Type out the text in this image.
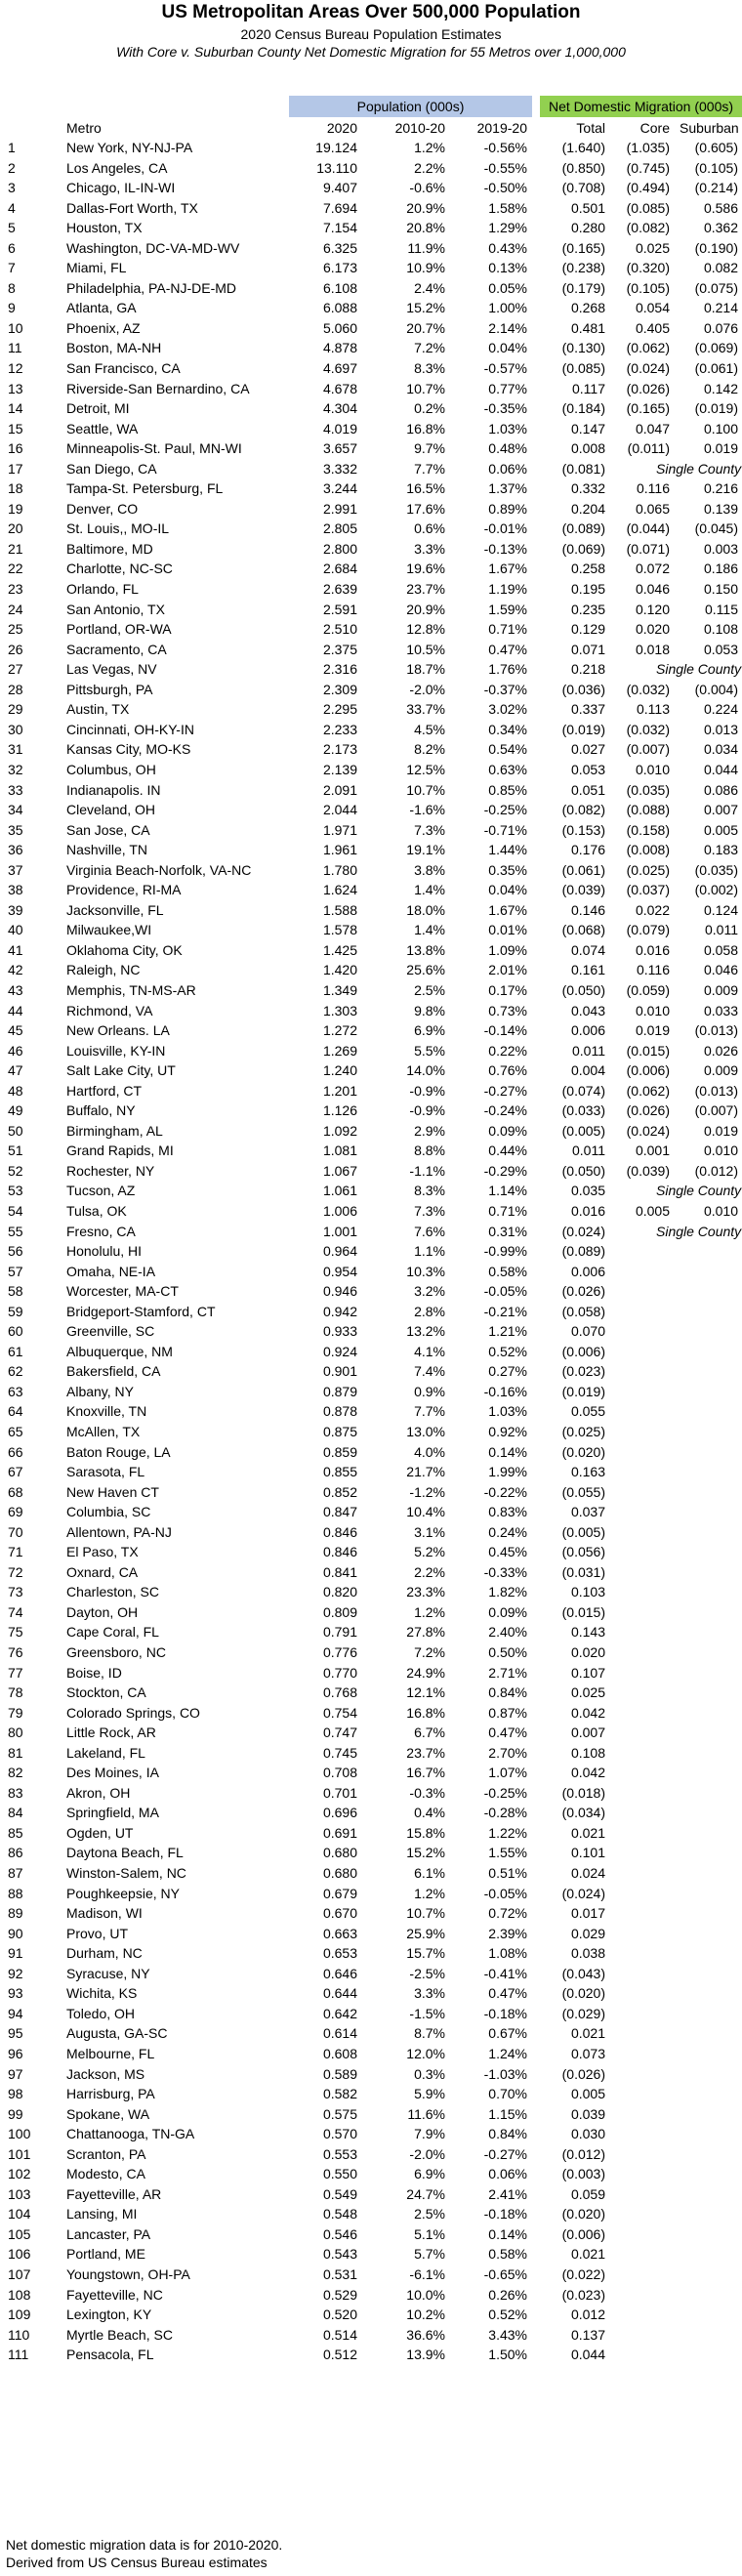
US Metropolitan Areas Over 500,000 Population
2020 Census Bureau Population Estimates
With Core v. Suburban County Net Domestic Migration for 55 Metros over 1,000,000
Population (000s)	Net Domestic Migration (000s)
Metro	2020	2010-20	2019-20	Total	Core Suburban
1	New York, NY-NJ-PA	19.124	1.2%	-0.56%	(1.640)	(1.035)	(0.605)
2	Los Angeles, CA	13.110	2.2%	-0.55%	(0.850)	(0.745)	(0.105)
3	Chicago, IL-IN-WI	9.407	-0.6%	-0.50%	(0.708)	(0.494)	(0.214)
4	Dallas-Fort Worth, TX	7.694	20.9%	1.58%	0.501	(0.085)	0.586
5	Houston, TX	7.154	20.8%	1.29%	0.280	(0.082)	0.362
6	Washington, DC-VA-MD-WV	6.325	11.9%	0.43%	(0.165)	0.025	(0.190)
7	Miami, FL	6.173	10.9%	0.13%	(0.238)	(0.320)	0.082
8	Philadelphia, PA-NJ-DE-MD	6.108	2.4%	0.05%	(0.179)	(0.105)	(0.075)
9	Atlanta, GA	6.088	15.2%	1.00%	0.268	0.054	0.214
10	Phoenix, AZ	5.060	20.7%	2.14%	0.481	0.405	0.076
11	Boston, MA-NH	4.878	7.2%	0.04%	(0.130)	(0.062)	(0.069)
12	San Francisco, CA	4.697	8.3%	-0.57%	(0.085)	(0.024)	(0.061)
13	Riverside-San Bernardino, CA	4.678	10.7%	0.77%	0.117	(0.026)	0.142
14	Detroit, MI	4.304	0.2%	-0.35%	(0.184)	(0.165)	(0.019)
15	Seattle, WA	4.019	16.8%	1.03%	0.147	0.047	0.100
16	Minneapolis-St. Paul, MN-WI	3.657	9.7%	0.48%	0.008	(0.011)	0.019
17	San Diego, CA	3.332	7.7%	0.06%	(0.081)	Single County
18	Tampa-St. Petersburg, FL	3.244	16.5%	1.37%	0.332	0.116	0.216
19	Denver, CO	2.991	17.6%	0.89%	0.204	0.065	0.139
20	St. Louis,, MO-IL	2.805	0.6%	-0.01%	(0.089)	(0.044)	(0.045)
21	Baltimore, MD	2.800	3.3%	-0.13%	(0.069)	(0.071)	0.003
22	Charlotte, NC-SC	2.684	19.6%	1.67%	0.258	0.072	0.186
23	Orlando, FL	2.639	23.7%	1.19%	0.195	0.046	0.150
24	San Antonio, TX	2.591	20.9%	1.59%	0.235	0.120	0.115
25	Portland, OR-WA	2.510	12.8%	0.71%	0.129	0.020	0.108
26	Sacramento, CA	2.375	10.5%	0.47%	0.071	0.018	0.053
27	Las Vegas, NV	2.316	18.7%	1.76%	0.218	Single County
28	Pittsburgh, PA	2.309	-2.0%	-0.37%	(0.036)	(0.032)	(0.004)
29	Austin, TX	2.295	33.7%	3.02%	0.337	0.113	0.224
30	Cincinnati, OH-KY-IN	2.233	4.5%	0.34%	(0.019)	(0.032)	0.013
31	Kansas City, MO-KS	2.173	8.2%	0.54%	0.027	(0.007)	0.034
32	Columbus, OH	2.139	12.5%	0.63%	0.053	0.010	0.044
33	Indianapolis. IN	2.091	10.7%	0.85%	0.051	(0.035)	0.086
34	Cleveland, OH	2.044	-1.6%	-0.25%	(0.082)	(0.088)	0.007
35	San Jose, CA	1.971	7.3%	-0.71%	(0.153)	(0.158)	0.005
36	Nashville, TN	1.961	19.1%	1.44%	0.176	(0.008)	0.183
37	Virginia Beach-Norfolk, VA-NC	1.780	3.8%	0.35%	(0.061)	(0.025)	(0.035)
38	Providence, RI-MA	1.624	1.4%	0.04%	(0.039)	(0.037)	(0.002)
39	Jacksonville, FL	1.588	18.0%	1.67%	0.146	0.022	0.124
40	Milwaukee,WI	1.578	1.4%	0.01%	(0.068)	(0.079)	0.011
41	Oklahoma City, OK	1.425	13.8%	1.09%	0.074	0.016	0.058
42	Raleigh, NC	1.420	25.6%	2.01%	0.161	0.116	0.046
43	Memphis, TN-MS-AR	1.349	2.5%	0.17%	(0.050)	(0.059)	0.009
44	Richmond, VA	1.303	9.8%	0.73%	0.043	0.010	0.033
45	New Orleans. LA	1.272	6.9%	-0.14%	0.006	0.019	(0.013)
46	Louisville, KY-IN	1.269	5.5%	0.22%	0.011	(0.015)	0.026
47	Salt Lake City, UT	1.240	14.0%	0.76%	0.004	(0.006)	0.009
48	Hartford, CT	1.201	-0.9%	-0.27%	(0.074)	(0.062)	(0.013)
49	Buffalo, NY	1.126	-0.9%	-0.24%	(0.033)	(0.026)	(0.007)
50	Birmingham, AL	1.092	2.9%	0.09%	(0.005)	(0.024)	0.019
51	Grand Rapids, MI	1.081	8.8%	0.44%	0.011	0.001	0.010
52	Rochester, NY	1.067	-1.1%	-0.29%	(0.050)	(0.039)	(0.012)
53	Tucson, AZ	1.061	8.3%	1.14%	0.035	Single County
54	Tulsa, OK	1.006	7.3%	0.71%	0.016	0.005	0.010
55	Fresno, CA	1.001	7.6%	0.31%	(0.024)	Single County
56	Honolulu, HI	0.964	1.1%	-0.99%	(0.089)
57	Omaha, NE-IA	0.954	10.3%	0.58%	0.006
58	Worcester, MA-CT	0.946	3.2%	-0.05%	(0.026)
59	Bridgeport-Stamford, CT	0.942	2.8%	-0.21%	(0.058)
60	Greenville, SC	0.933	13.2%	1.21%	0.070
61	Albuquerque, NM	0.924	4.1%	0.52%	(0.006)
62	Bakersfield, CA	0.901	7.4%	0.27%	(0.023)
63	Albany, NY	0.879	0.9%	-0.16%	(0.019)
64	Knoxville, TN	0.878	7.7%	1.03%	0.055
65	McAllen, TX	0.875	13.0%	0.92%	(0.025)
66	Baton Rouge, LA	0.859	4.0%	0.14%	(0.020)
67	Sarasota, FL	0.855	21.7%	1.99%	0.163
68	New Haven CT	0.852	-1.2%	-0.22%	(0.055)
69	Columbia, SC	0.847	10.4%	0.83%	0.037
70	Allentown, PA-NJ	0.846	3.1%	0.24%	(0.005)
71	El Paso, TX	0.846	5.2%	0.45%	(0.056)
72	Oxnard, CA	0.841	2.2%	-0.33%	(0.031)
73	Charleston, SC	0.820	23.3%	1.82%	0.103
74	Dayton, OH	0.809	1.2%	0.09%	(0.015)
75	Cape Coral, FL	0.791	27.8%	2.40%	0.143
76	Greensboro, NC	0.776	7.2%	0.50%	0.020
77	Boise, ID	0.770	24.9%	2.71%	0.107
78	Stockton, CA	0.768	12.1%	0.84%	0.025
79	Colorado Springs, CO	0.754	16.8%	0.87%	0.042
80	Little Rock, AR	0.747	6.7%	0.47%	0.007
81	Lakeland, FL	0.745	23.7%	2.70%	0.108
82	Des Moines, IA	0.708	16.7%	1.07%	0.042
83	Akron, OH	0.701	-0.3%	-0.25%	(0.018)
84	Springfield, MA	0.696	0.4%	-0.28%	(0.034)
85	Ogden, UT	0.691	15.8%	1.22%	0.021
86	Daytona Beach, FL	0.680	15.2%	1.55%	0.101
87	Winston-Salem, NC	0.680	6.1%	0.51%	0.024
88	Poughkeepsie, NY	0.679	1.2%	-0.05%	(0.024)
89	Madison, WI	0.670	10.7%	0.72%	0.017
90	Provo, UT	0.663	25.9%	2.39%	0.029
91	Durham, NC	0.653	15.7%	1.08%	0.038
92	Syracuse, NY	0.646	-2.5%	-0.41%	(0.043)
93	Wichita, KS	0.644	3.3%	0.47%	(0.020)
94	Toledo, OH	0.642	-1.5%	-0.18%	(0.029)
95	Augusta, GA-SC	0.614	8.7%	0.67%	0.021
96	Melbourne, FL	0.608	12.0%	1.24%	0.073
97	Jackson, MS	0.589	0.3%	-1.03%	(0.026)
98	Harrisburg, PA	0.582	5.9%	0.70%	0.005
99	Spokane, WA	0.575	11.6%	1.15%	0.039
100	Chattanooga, TN-GA	0.570	7.9%	0.84%	0.030
101	Scranton, PA	0.553	-2.0%	-0.27%	(0.012)
102	Modesto, CA	0.550	6.9%	0.06%	(0.003)
103	Fayetteville, AR	0.549	24.7%	2.41%	0.059
104	Lansing, MI	0.548	2.5%	-0.18%	(0.020)
105	Lancaster, PA	0.546	5.1%	0.14%	(0.006)
106	Portland, ME	0.543	5.7%	0.58%	0.021
107	Youngstown, OH-PA	0.531	-6.1%	-0.65%	(0.022)
108	Fayetteville, NC	0.529	10.0%	0.26%	(0.023)
109	Lexington, KY	0.520	10.2%	0.52%	0.012
110	Myrtle Beach, SC	0.514	36.6%	3.43%	0.137
111	Pensacola, FL	0.512	13.9%	1.50%	0.044
Net domestic migration data is for 2010-2020.
Derived from US Census Bureau estimates
